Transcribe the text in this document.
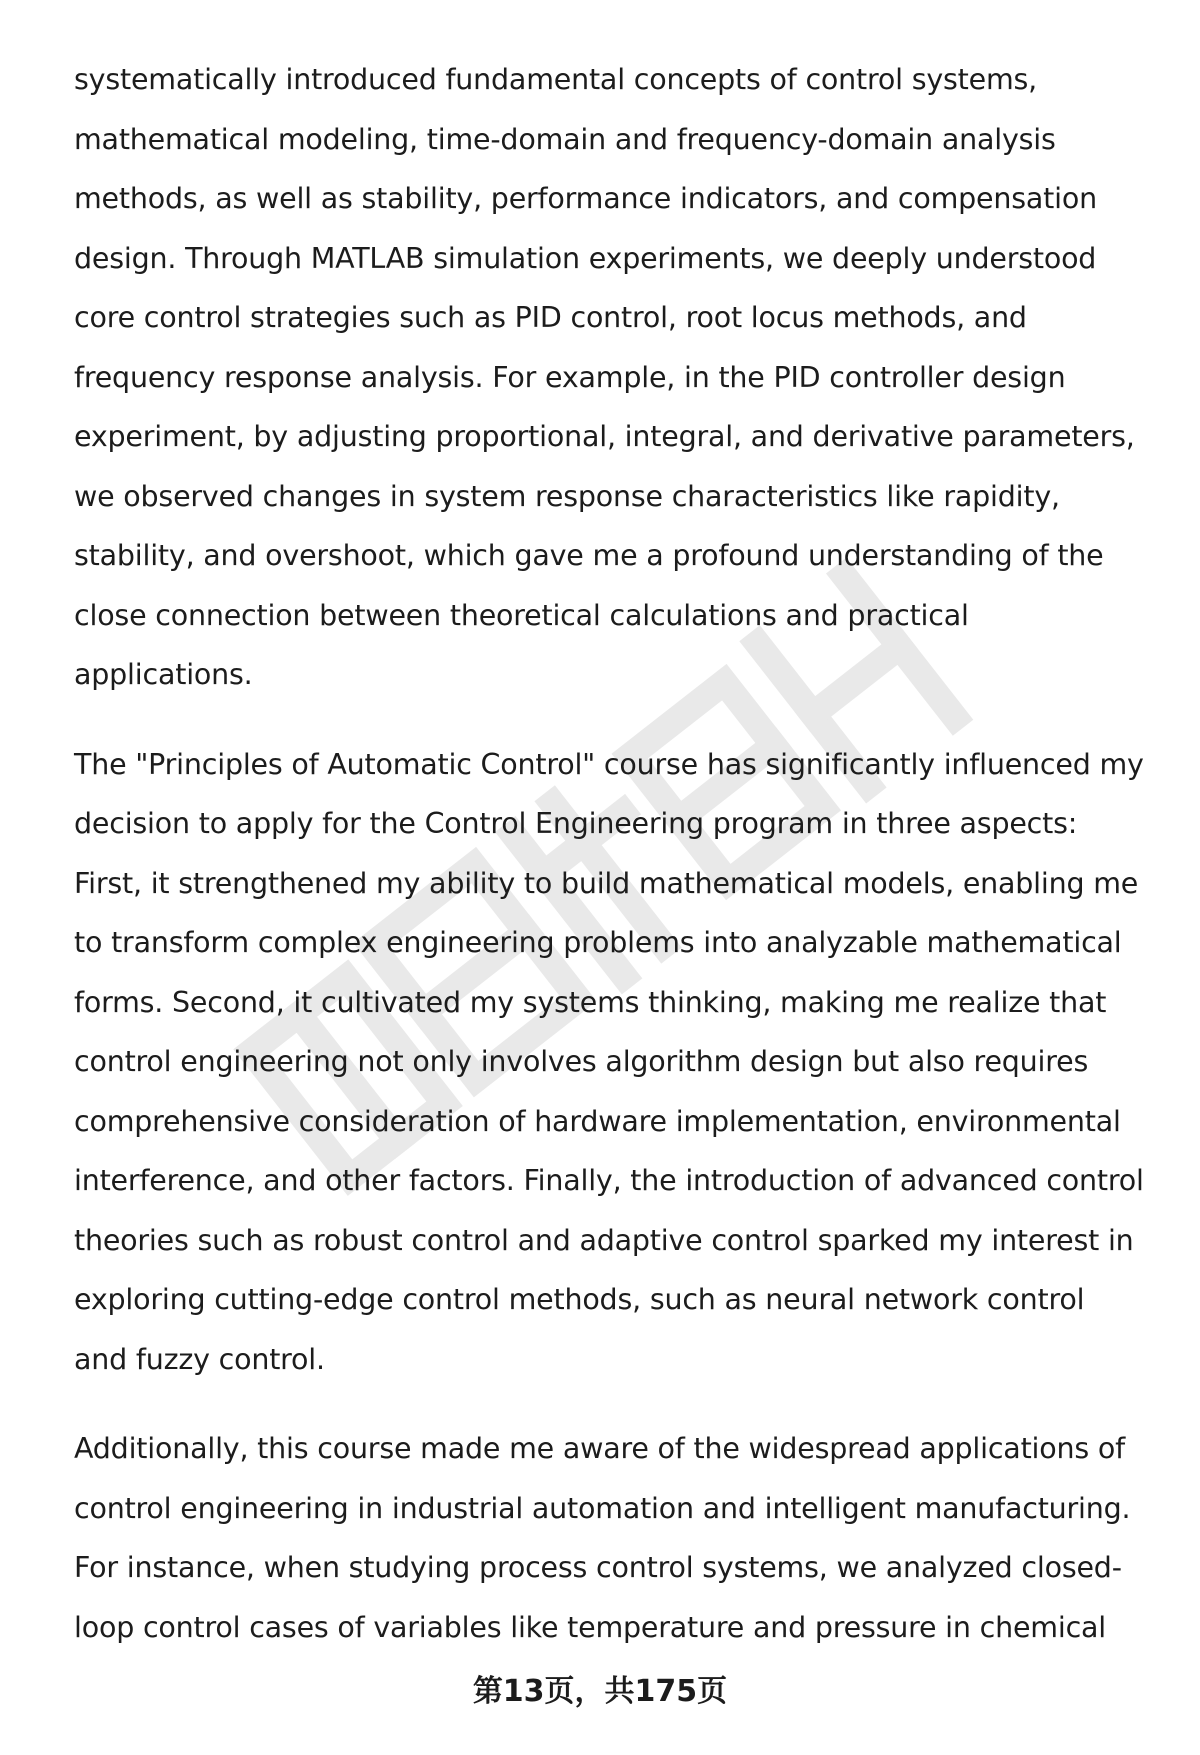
systematically introduced fundamental concepts of control systems,
mathematical modeling, time-domain and frequency-domain analysis
methods, as well as stability, performance indicators, and compensation
design. Through MATLAB simulation experiments, we deeply understood
core control strategies such as PID control, root locus methods, and
frequency response analysis. For example, in the PID controller design
experiment, by adjusting proportional, integral, and derivative parameters,
we observed changes in system response characteristics like rapidity,
stability, and overshoot, which gave me a profound understanding of the
close connection between theoretical calculations and practical
applications.

The "Principles of Automatic Control" course has significantly influenced my
decision to apply for the Control Engineering program in three aspects:
First, it strengthened my ability to build mathematical models, enabling me
to transform complex engineering problems into analyzable mathematical
forms. Second, it cultivated my systems thinking, making me realize that
control engineering not only involves algorithm design but also requires
comprehensive consideration of hardware implementation, environmental
interference, and other factors. Finally, the introduction of advanced control
theories such as robust control and adaptive control sparked my interest in
exploring cutting-edge control methods, such as neural network control
and fuzzy control.

Additionally, this course made me aware of the widespread applications of
control engineering in industrial automation and intelligent manufacturing.
For instance, when studying process control systems, we analyzed closed-
loop control cases of variables like temperature and pressure in chemical

第13页，共175页
